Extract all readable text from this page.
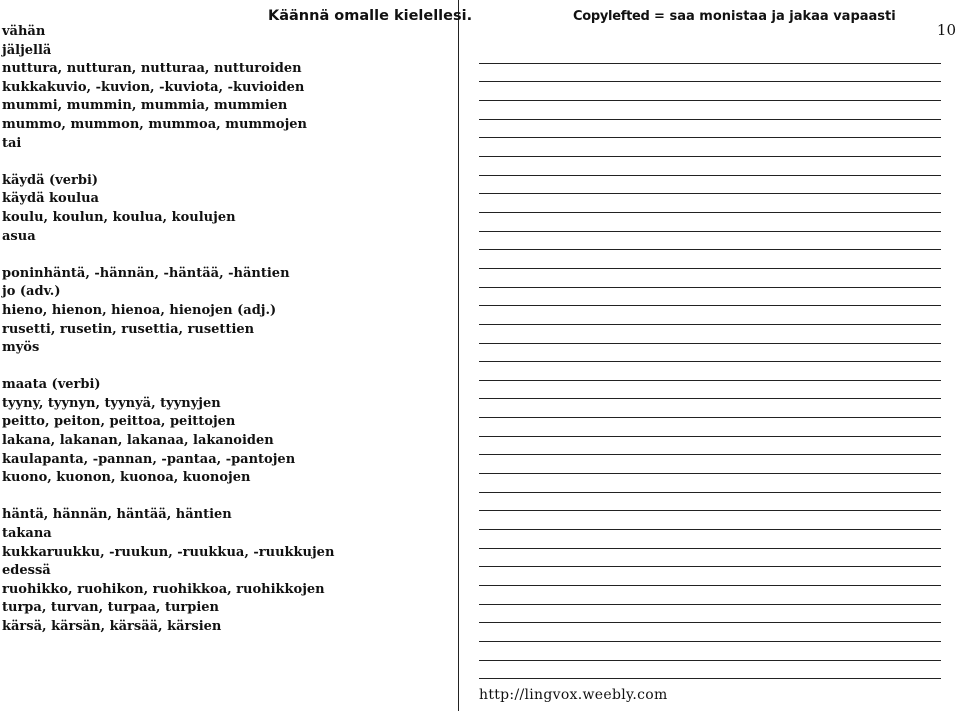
Käännä omalle kielellesi.	Copylefted = saa monistaa ja jakaa vapaasti
10
vähän
jäljellä
nuttura, nutturan, nutturaa, nutturoiden
kukkakuvio, -kuvion, -kuviota, -kuvioiden
mummi, mummin, mummia, mummien
mummo, mummon, mummoa, mummojen
tai
käydä (verbi)
käydä koulua
koulu, koulun, koulua, koulujen
asua
poninhäntä, -hännän, -häntää, -häntien
jo (adv.)
hieno, hienon, hienoa, hienojen (adj.)
rusetti, rusetin, rusettia, rusettien
myös
maata (verbi)
tyyny, tyynyn, tyynyä, tyynyjen
peitto, peiton, peittoa, peittojen
lakana, lakanan, lakanaa, lakanoiden
kaulapanta, -pannan, -pantaa, -pantojen
kuono, kuonon, kuonoa, kuonojen
häntä, hännän, häntää, häntien
takana
kukkaruukku, -ruukun, -ruukkua, -ruukkujen
edessä
ruohikko, ruohikon, ruohikkoa, ruohikkojen
turpa, turvan, turpaa, turpien
kärsä, kärsän, kärsää, kärsien
http://lingvox.weebly.com
